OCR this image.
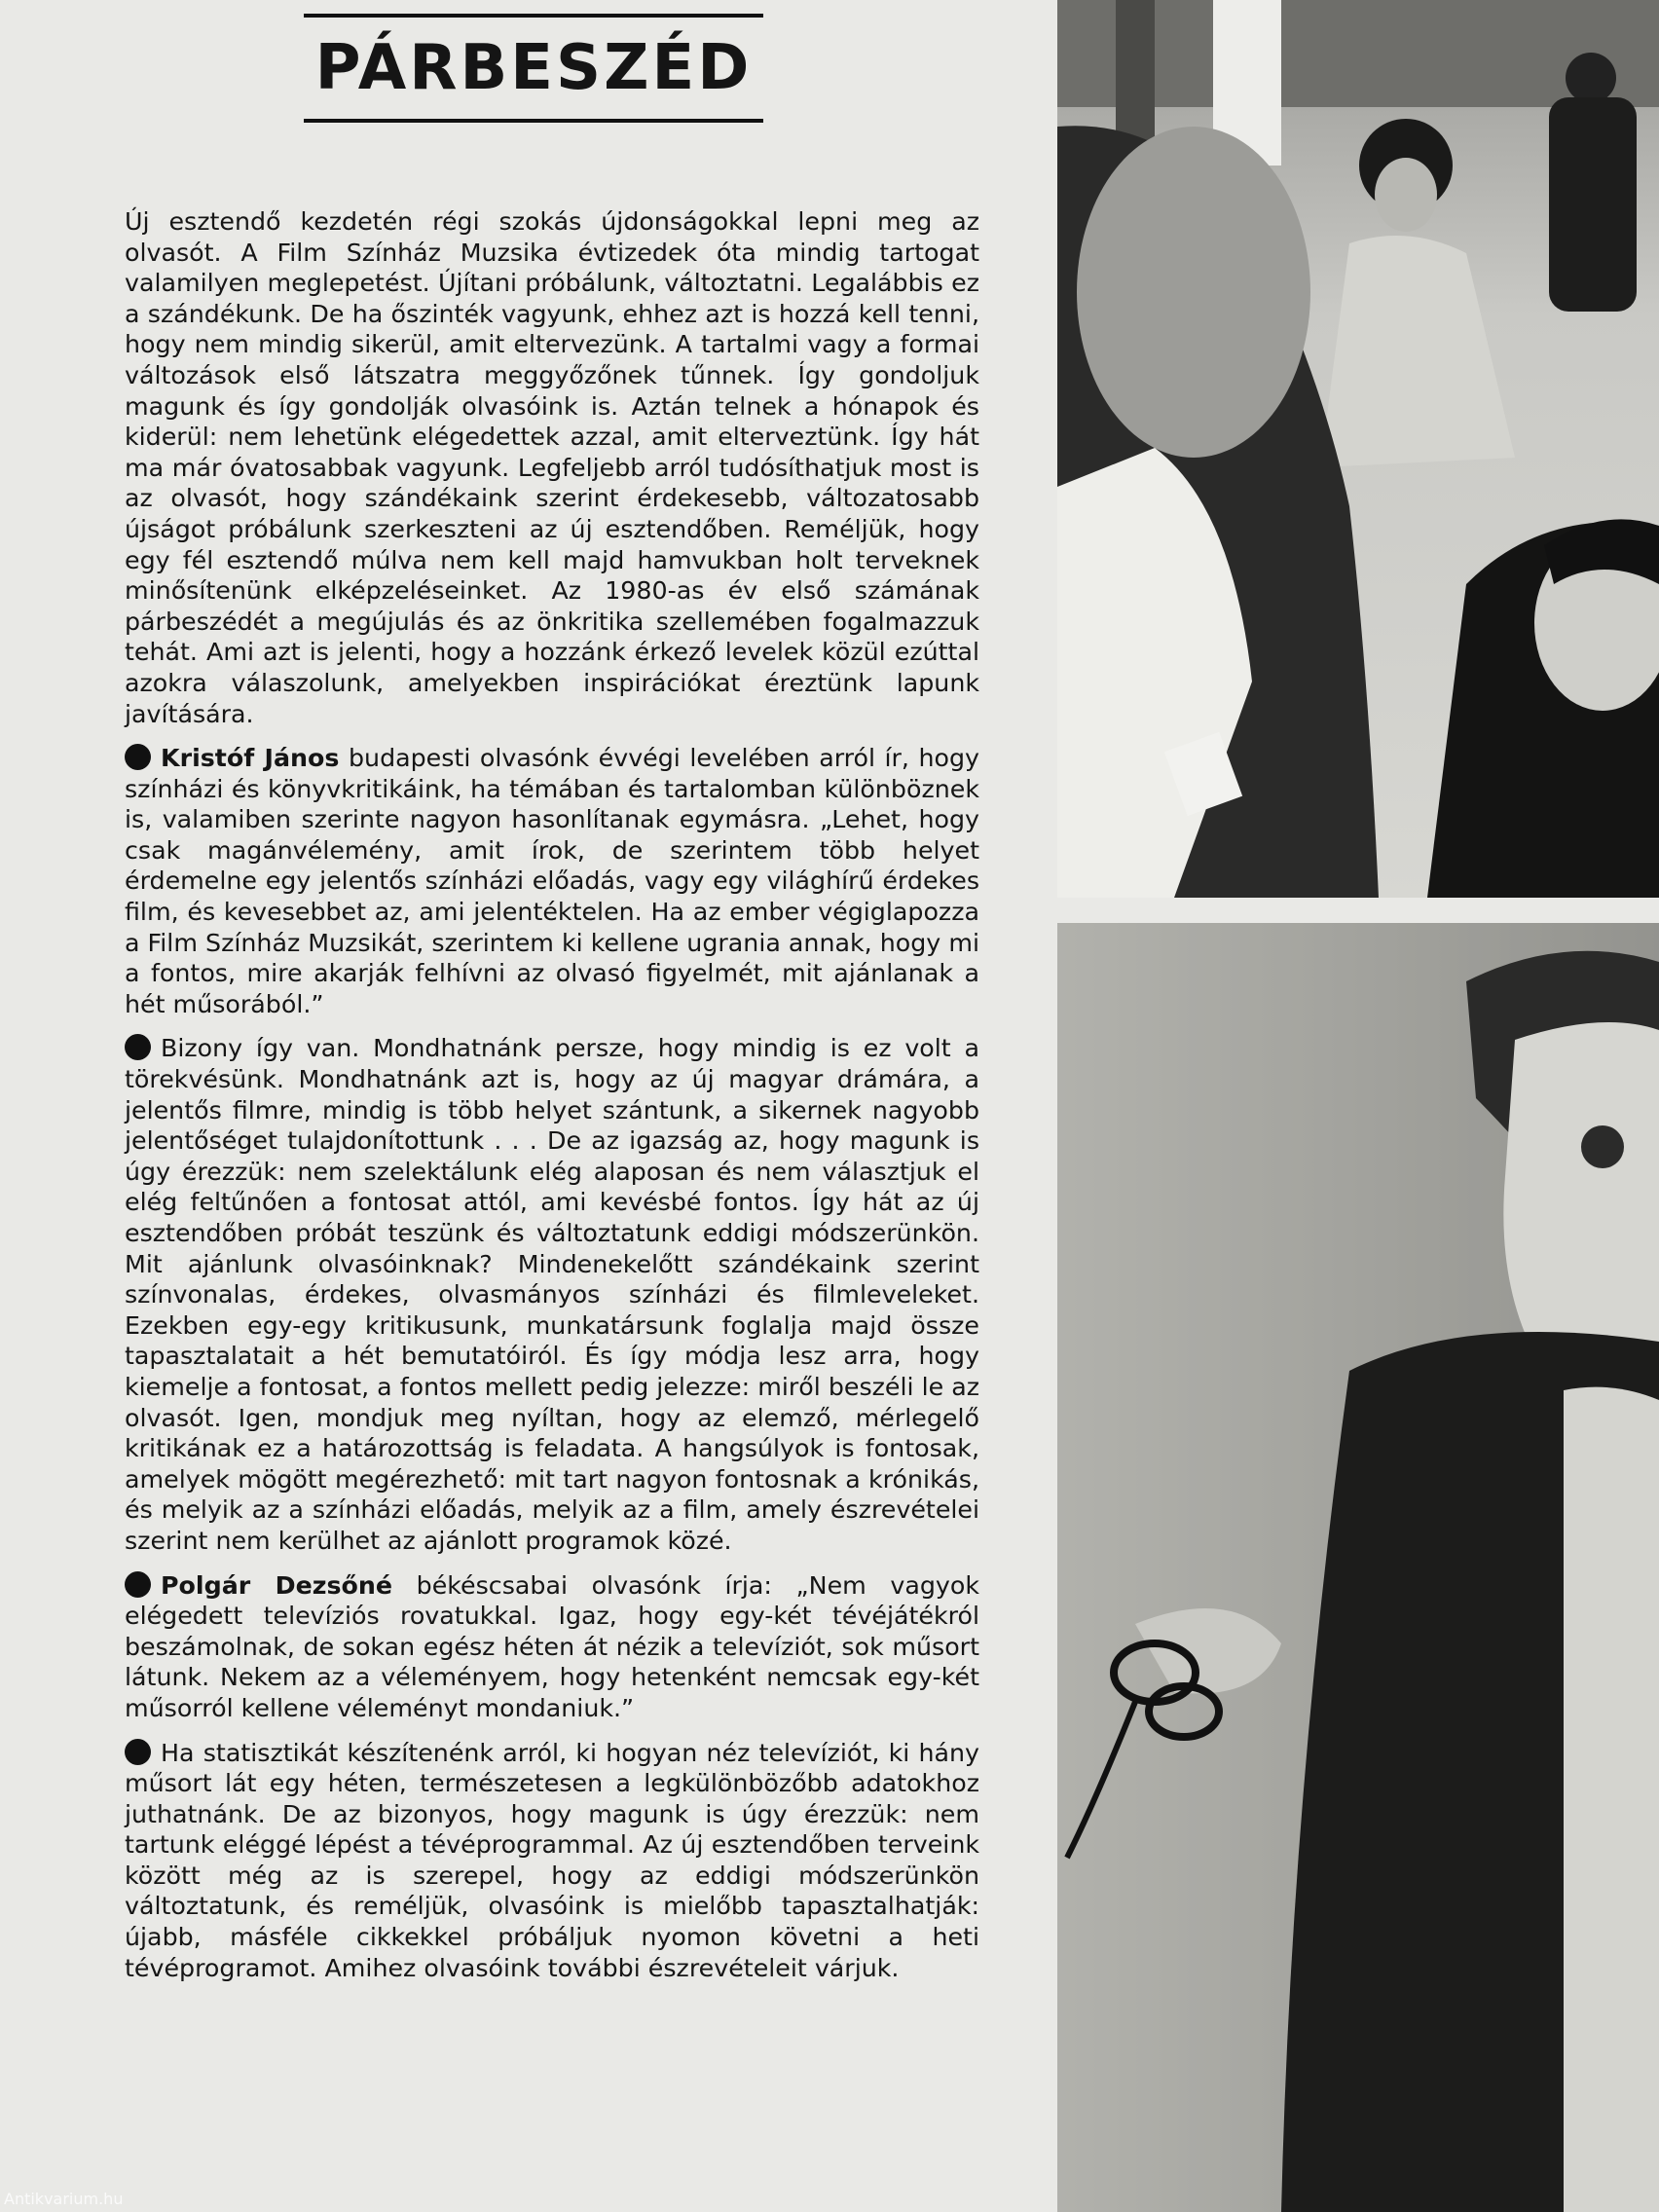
PÁRBESZÉD

Új esztendő kezdetén régi szokás újdonságokkal lepni meg az olvasót. A Film Színház Muzsika évtizedek óta mindig tartogat valamilyen meglepetést. Újítani próbálunk, változtatni. Legalábbis ez a szándékunk. De ha őszinték vagyunk, ehhez azt is hozzá kell tenni, hogy nem mindig sikerül, amit eltervezünk. A tartalmi vagy a formai változások első látszatra meggyőzőnek tűnnek. Így gondoljuk magunk és így gondolják olvasóink is. Aztán telnek a hónapok és kiderül: nem lehetünk elégedettek azzal, amit elterveztünk. Így hát ma már óvatosabbak vagyunk. Legfeljebb arról tudósíthatjuk most is az olvasót, hogy szándékaink szerint érdekesebb, változatosabb újságot próbálunk szerkeszteni az új esztendőben. Reméljük, hogy egy fél esztendő múlva nem kell majd hamvukban holt terveknek minősítenünk elképzeléseinket. Az 1980-as év első számának párbeszédét a megújulás és az önkritika szellemében fogalmazzuk tehát. Ami azt is jelenti, hogy a hozzánk érkező levelek közül ezúttal azokra válaszolunk, amelyekben inspirációkat éreztünk lapunk javítására.

Kristóf János budapesti olvasónk évvégi levelében arról ír, hogy színházi és könyvkritikáink, ha témában és tartalomban különböznek is, valamiben szerinte nagyon hasonlítanak egymásra. „Lehet, hogy csak magánvélemény, amit írok, de szerintem több helyet érdemelne egy jelentős színházi előadás, vagy egy világhírű érdekes film, és kevesebbet az, ami jelentéktelen. Ha az ember végiglapozza a Film Színház Muzsikát, szerintem ki kellene ugrania annak, hogy mi a fontos, mire akarják felhívni az olvasó figyelmét, mit ajánlanak a hét műsorából.”

Bizony így van. Mondhatnánk persze, hogy mindig is ez volt a törekvésünk. Mondhatnánk azt is, hogy az új magyar drámára, a jelentős filmre, mindig is több helyet szántunk, a sikernek nagyobb jelentőséget tulajdonítottunk . . . De az igazság az, hogy magunk is úgy érezzük: nem szelektálunk elég alaposan és nem választjuk el elég feltűnően a fontosat attól, ami kevésbé fontos. Így hát az új esztendőben próbát teszünk és változtatunk eddigi módszerünkön. Mit ajánlunk olvasóinknak? Mindenekelőtt szándékaink szerint színvonalas, érdekes, olvasmányos színházi és filmleveleket. Ezekben egy-egy kritikusunk, munkatársunk foglalja majd össze tapasztalatait a hét bemutatóiról. És így módja lesz arra, hogy kiemelje a fontosat, a fontos mellett pedig jelezze: miről beszéli le az olvasót. Igen, mondjuk meg nyíltan, hogy az elemző, mérlegelő kritikának ez a határozottság is feladata. A hangsúlyok is fontosak, amelyek mögött megérezhető: mit tart nagyon fontosnak a krónikás, és melyik az a színházi előadás, melyik az a film, amely észrevételei szerint nem kerülhet az ajánlott programok közé.

Polgár Dezsőné békéscsabai olvasónk írja: „Nem vagyok elégedett televíziós rovatukkal. Igaz, hogy egy-két tévéjátékról beszámolnak, de sokan egész héten át nézik a televíziót, sok műsort látunk. Nekem az a véleményem, hogy hetenként nemcsak egy-két műsorról kellene véleményt mondaniuk.”

Ha statisztikát készítenénk arról, ki hogyan néz televíziót, ki hány műsort lát egy héten, természetesen a legkülönbözőbb adatokhoz juthatnánk. De az bizonyos, hogy magunk is úgy érezzük: nem tartunk eléggé lépést a tévéprogrammal. Az új esztendőben terveink között még az is szerepel, hogy az eddigi módszerünkön változtatunk, és reméljük, olvasóink is mielőbb tapasztalhatják: újabb, másféle cikkekkel próbáljuk nyomon követni a heti tévéprogramot. Amihez olvasóink további észrevételeit várjuk.

Antikvarium.hu
